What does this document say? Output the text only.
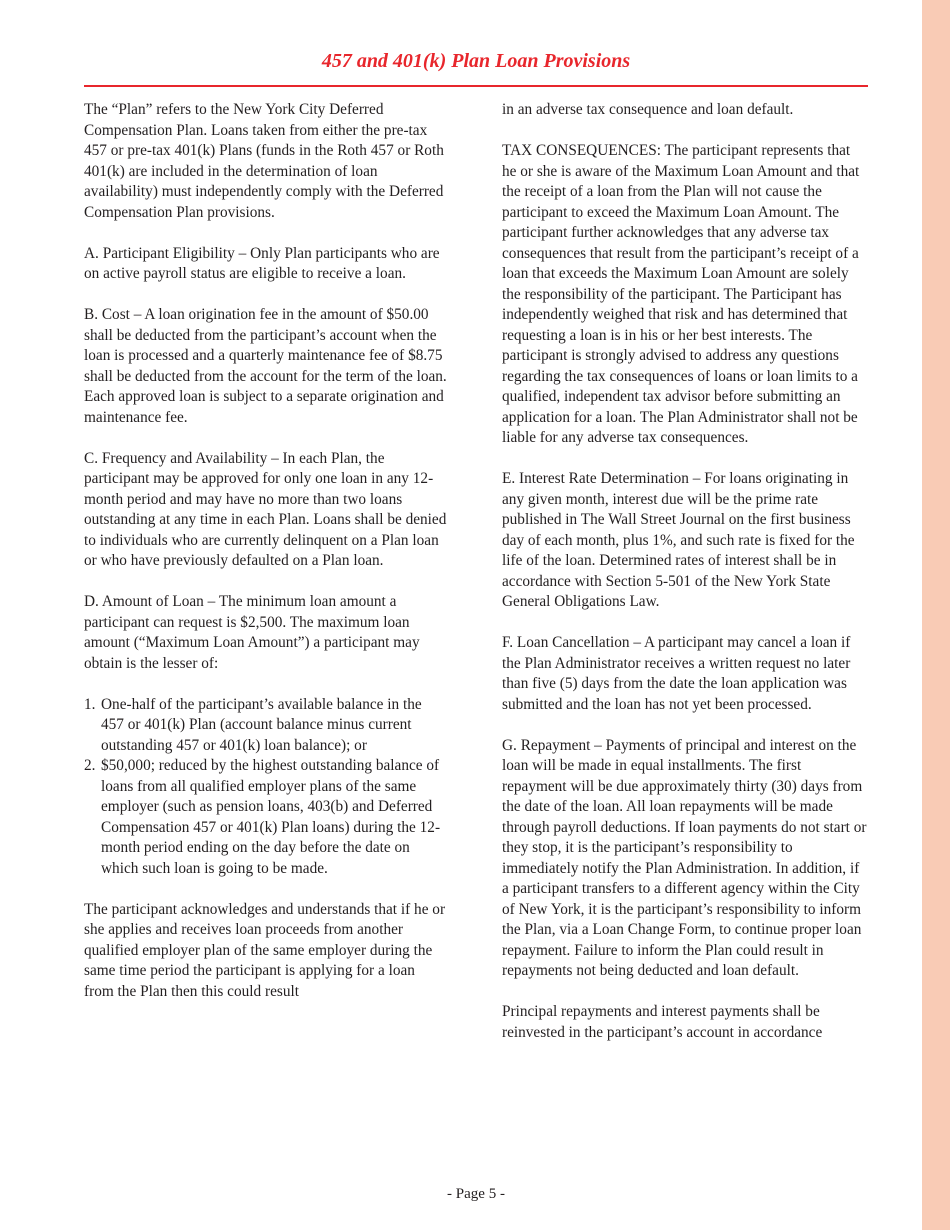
457 and 401(k) Plan Loan Provisions

The “Plan” refers to the New York City Deferred Compensation Plan. Loans taken from either the pre-tax 457 or pre-tax 401(k) Plans (funds in the Roth 457 or Roth 401(k) are included in the determination of loan availability) must independently comply with the Deferred Compensation Plan provisions.

A. Participant Eligibility – Only Plan participants who are on active payroll status are eligible to receive a loan.

B. Cost – A loan origination fee in the amount of $50.00 shall be deducted from the participant’s account when the loan is processed and a quarterly maintenance fee of $8.75 shall be deducted from the account for the term of the loan. Each approved loan is subject to a separate origination and maintenance fee.

C. Frequency and Availability – In each Plan, the participant may be approved for only one loan in any 12-month period and may have no more than two loans outstanding at any time in each Plan. Loans shall be denied to individuals who are currently delinquent on a Plan loan or who have previously defaulted on a Plan loan.

D. Amount of Loan – The minimum loan amount a participant can request is $2,500. The maximum loan amount (“Maximum Loan Amount”) a participant may obtain is the lesser of:

1. One-half of the participant’s available balance in the 457 or 401(k) Plan (account balance minus current outstanding 457 or 401(k) loan balance); or
2. $50,000; reduced by the highest outstanding balance of loans from all qualified employer plans of the same employer (such as pension loans, 403(b) and Deferred Compensation 457 or 401(k) Plan loans) during the 12-month period ending on the day before the date on which such loan is going to be made.

The participant acknowledges and understands that if he or she applies and receives loan proceeds from another qualified employer plan of the same employer during the same time period the participant is applying for a loan from the Plan then this could result

in an adverse tax consequence and loan default.

TAX CONSEQUENCES: The participant represents that he or she is aware of the Maximum Loan Amount and that the receipt of a loan from the Plan will not cause the participant to exceed the Maximum Loan Amount. The participant further acknowledges that any adverse tax consequences that result from the participant’s receipt of a loan that exceeds the Maximum Loan Amount are solely the responsibility of the participant. The Participant has independently weighed that risk and has determined that requesting a loan is in his or her best interests. The participant is strongly advised to address any questions regarding the tax consequences of loans or loan limits to a qualified, independent tax advisor before submitting an application for a loan. The Plan Administrator shall not be liable for any adverse tax consequences.

E. Interest Rate Determination – For loans originating in any given month, interest due will be the prime rate published in The Wall Street Journal on the first business day of each month, plus 1%, and such rate is fixed for the life of the loan. Determined rates of interest shall be in accordance with Section 5-501 of the New York State General Obligations Law.

F. Loan Cancellation – A participant may cancel a loan if the Plan Administrator receives a written request no later than five (5) days from the date the loan application was submitted and the loan has not yet been processed.

G. Repayment – Payments of principal and interest on the loan will be made in equal installments. The first repayment will be due approximately thirty (30) days from the date of the loan. All loan repayments will be made through payroll deductions. If loan payments do not start or they stop, it is the participant’s responsibility to immediately notify the Plan Administration. In addition, if a participant transfers to a different agency within the City of New York, it is the participant’s responsibility to inform the Plan, via a Loan Change Form, to continue proper loan repayment. Failure to inform the Plan could result in repayments not being deducted and loan default.

Principal repayments and interest payments shall be reinvested in the participant’s account in accordance

- Page 5 -
